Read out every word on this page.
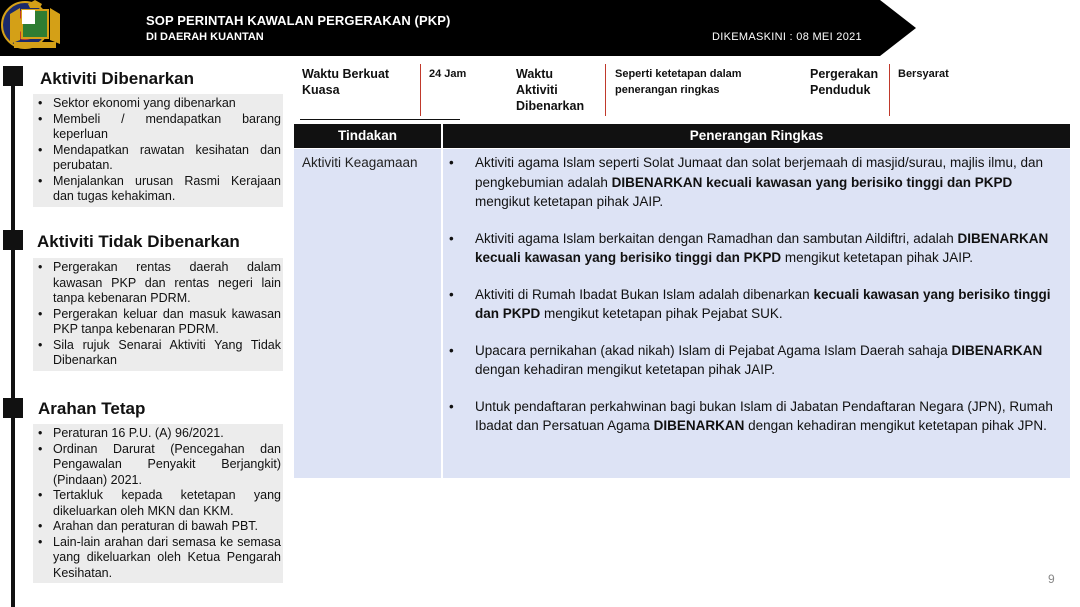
SOP PERINTAH KAWALAN PERGERAKAN (PKP)
DI DAERAH KUANTAN	DIKEMASKINI : 08 MEI 2021
Aktiviti Dibenarkan
• Sektor ekonomi yang dibenarkan
• Membeli / mendapatkan barang keperluan
• Mendapatkan rawatan kesihatan dan perubatan.
• Menjalankan urusan Rasmi Kerajaan dan tugas kehakiman.
Aktiviti Tidak Dibenarkan
• Pergerakan rentas daerah dalam kawasan PKP dan rentas negeri lain tanpa kebenaran PDRM.
• Pergerakan keluar dan masuk kawasan PKP tanpa kebenaran PDRM.
• Sila rujuk Senarai Aktiviti Yang Tidak Dibenarkan
Arahan Tetap
• Peraturan 16 P.U. (A) 96/2021.
• Ordinan Darurat (Pencegahan dan Pengawalan Penyakit Berjangkit) (Pindaan) 2021.
• Tertakluk kepada ketetapan yang dikeluarkan oleh MKN dan KKM.
• Arahan dan peraturan di bawah PBT.
• Lain-lain arahan dari semasa ke semasa yang dikeluarkan oleh Ketua Pengarah Kesihatan.
Waktu Berkuat Kuasa
24 Jam	Waktu Aktiviti Dibenarkan
Seperti ketetapan dalam penerangan ringkas
Pergerakan Penduduk
Bersyarat
Tindakan	Penerangan Ringkas
Aktiviti Keagamaan • Aktiviti agama Islam seperti Solat Jumaat dan solat berjemaah di masjid/surau, majlis ilmu, dan pengkebumian adalah DIBENARKAN kecuali kawasan yang berisiko tinggi dan PKPD mengikut ketetapan pihak JAIP.
• Aktiviti agama Islam berkaitan dengan Ramadhan dan sambutan Aildiftri, adalah DIBENARKAN kecuali kawasan yang berisiko tinggi dan PKPD mengikut ketetapan pihak JAIP.
• Aktiviti di Rumah Ibadat Bukan Islam adalah dibenarkan kecuali kawasan yang berisiko tinggi dan PKPD mengikut ketetapan pihak Pejabat SUK.
• Upacara pernikahan (akad nikah) Islam di Pejabat Agama Islam Daerah sahaja DIBENARKAN dengan kehadiran mengikut ketetapan pihak JAIP.
• Untuk pendaftaran perkahwinan bagi bukan Islam di Jabatan Pendaftaran Negara (JPN), Rumah Ibadat dan Persatuan Agama DIBENARKAN dengan kehadiran mengikut ketetapan pihak JPN.
9
